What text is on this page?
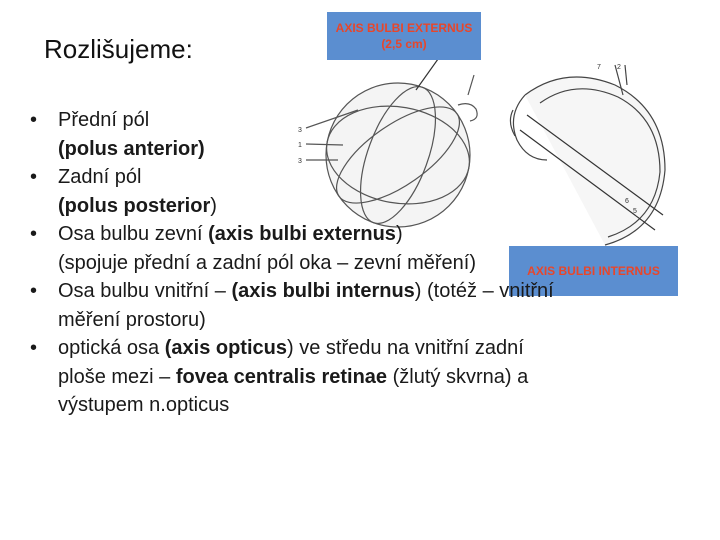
Rozlišujeme:
3
1
3
7 2
6
5
AXIS BULBI EXTERNUS
(2,5 cm)
AXIS BULBI INTERNUS
•	Přední pól
(polus anterior)
•	Zadní pól
(polus posterior)
•	Osa bulbu zevní (axis bulbi externus)
(spojuje přední a zadní pól oka – zevní měření)
•	Osa bulbu vnitřní – (axis bulbi internus) (totéž – vnitřní
měření prostoru)
•	optická osa (axis opticus) ve středu na vnitřní zadní
ploše mezi – fovea centralis retinae (žlutý skvrna) a
výstupem n.opticus
